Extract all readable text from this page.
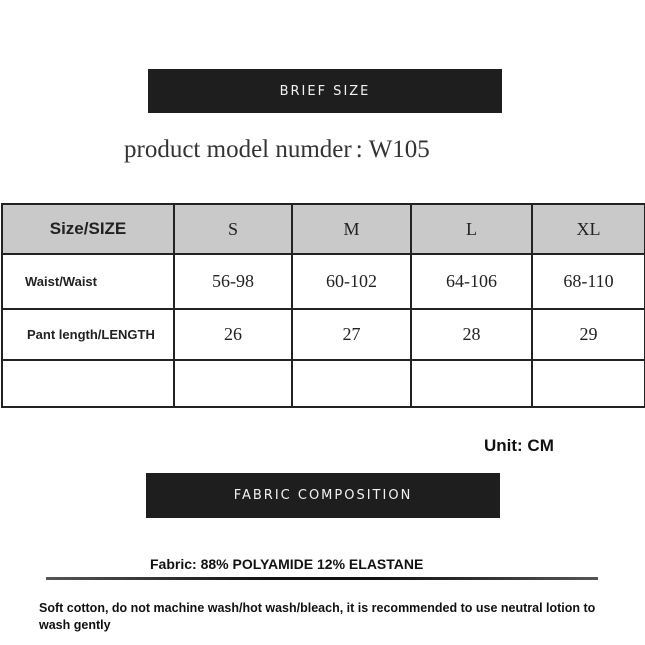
BRIEF SIZE
product model numder : W105
Size/SIZE	S	M	L	XL
Waist/Waist	56-98	60-102	64-106	68-110
Pant length/LENGTH	26	27	28	29

Unit: CM
FABRIC COMPOSITION
Fabric: 88% POLYAMIDE 12% ELASTANE
Soft cotton, do not machine wash/hot wash/bleach, it is recommended to use neutral lotion to wash gently
